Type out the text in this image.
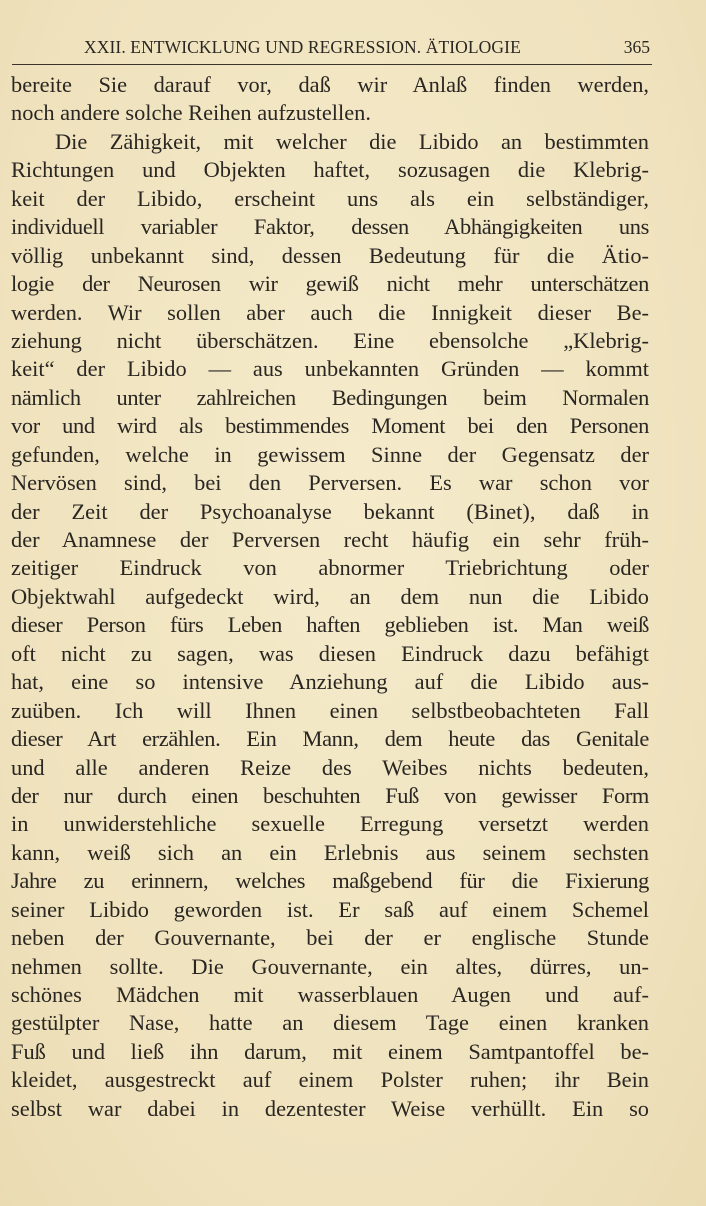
XXII. ENTWICKLUNG UND REGRESSION. ÄTIOLOGIE	365
bereite Sie darauf vor, daß wir Anlaß finden werden,
noch andere solche Reihen aufzustellen.
Die Zähigkeit, mit welcher die Libido an bestimmten
Richtungen und Objekten haftet, sozusagen die Klebrig-
keit der Libido, erscheint uns als ein selbständiger,
individuell variabler Faktor, dessen Abhängigkeiten uns
völlig unbekannt sind, dessen Bedeutung für die Ätio-
logie der Neurosen wir gewiß nicht mehr unterschätzen
werden. Wir sollen aber auch die Innigkeit dieser Be-
ziehung nicht überschätzen. Eine ebensolche „Klebrig-
keit“ der Libido — aus unbekannten Gründen — kommt
nämlich unter zahlreichen Bedingungen beim Normalen
vor und wird als bestimmendes Moment bei den Personen
gefunden, welche in gewissem Sinne der Gegensatz der
Nervösen sind, bei den Perversen. Es war schon vor
der Zeit der Psychoanalyse bekannt (Binet), daß in
der Anamnese der Perversen recht häufig ein sehr früh-
zeitiger Eindruck von abnormer Triebrichtung oder
Objektwahl aufgedeckt wird, an dem nun die Libido
dieser Person fürs Leben haften geblieben ist. Man weiß
oft nicht zu sagen, was diesen Eindruck dazu befähigt
hat, eine so intensive Anziehung auf die Libido aus-
zuüben. Ich will Ihnen einen selbstbeobachteten Fall
dieser Art erzählen. Ein Mann, dem heute das Genitale
und alle anderen Reize des Weibes nichts bedeuten,
der nur durch einen beschuhten Fuß von gewisser Form
in unwiderstehliche sexuelle Erregung versetzt werden
kann, weiß sich an ein Erlebnis aus seinem sechsten
Jahre zu erinnern, welches maßgebend für die Fixierung
seiner Libido geworden ist. Er saß auf einem Schemel
neben der Gouvernante, bei der er englische Stunde
nehmen sollte. Die Gouvernante, ein altes, dürres, un-
schönes Mädchen mit wasserblauen Augen und auf-
gestülpter Nase, hatte an diesem Tage einen kranken
Fuß und ließ ihn darum, mit einem Samtpantoffel be-
kleidet, ausgestreckt auf einem Polster ruhen; ihr Bein
selbst war dabei in dezentester Weise verhüllt. Ein so
